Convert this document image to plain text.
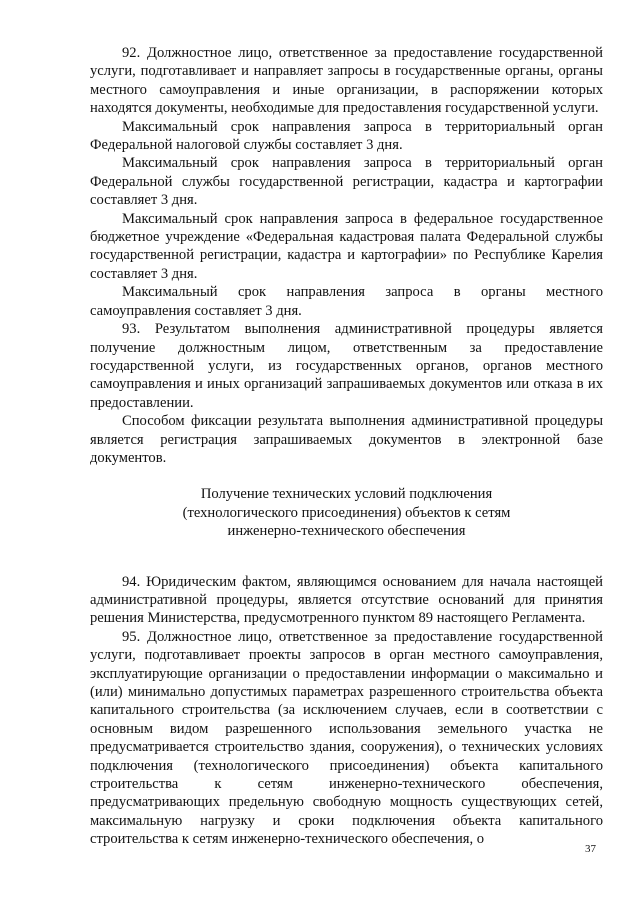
92. Должностное лицо, ответственное за предоставление государственной услуги, подготавливает и направляет запросы в государственные органы, органы местного самоуправления и иные организации, в распоряжении которых находятся документы, необходимые для предоставления государственной услуги.

Максимальный срок направления запроса в территориальный орган Федеральной налоговой службы составляет 3 дня.

Максимальный срок направления запроса в территориальный орган Федеральной службы государственной регистрации, кадастра и картографии составляет 3 дня.

Максимальный срок направления запроса в федеральное государственное бюджетное учреждение «Федеральная кадастровая палата Федеральной службы государственной регистрации, кадастра и картографии» по Республике Карелия составляет 3 дня.

Максимальный срок направления запроса в органы местного самоуправления составляет 3 дня.

93. Результатом выполнения административной процедуры является получение должностным лицом, ответственным за предоставление государственной услуги, из государственных органов, органов местного самоуправления и иных организаций запрашиваемых документов или отказа в их предоставлении.

Способом фиксации результата выполнения административной процедуры является регистрация запрашиваемых документов в электронной базе документов.

Получение технических условий подключения
(технологического присоединения) объектов к сетям
инженерно-технического обеспечения

94. Юридическим фактом, являющимся основанием для начала настоящей административной процедуры, является отсутствие оснований для принятия решения Министерства, предусмотренного пунктом 89 настоящего Регламента.

95. Должностное лицо, ответственное за предоставление государственной услуги, подготавливает проекты запросов в орган местного самоуправления, эксплуатирующие организации о предоставлении информации о максимально и (или) минимально допустимых параметрах разрешенного строительства объекта капитального строительства (за исключением случаев, если в соответствии с основным видом разрешенного использования земельного участка не предусматривается строительство здания, сооружения), о технических условиях подключения (технологического присоединения) объекта капитального строительства к сетям инженерно-технического обеспечения, предусматривающих предельную свободную мощность существующих сетей, максимальную нагрузку и сроки подключения объекта капитального строительства к сетям инженерно-технического обеспечения, о

37
